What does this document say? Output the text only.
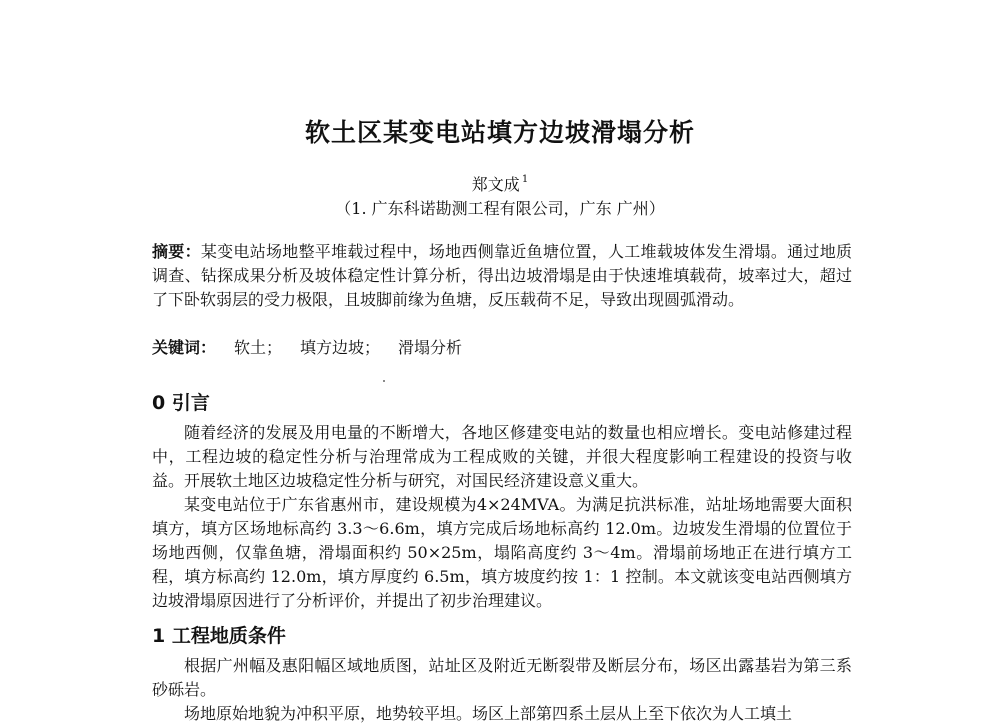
软土区某变电站填方边坡滑塌分析
郑文成 $^1$
（1. 广东科诺勘测工程有限公司，广东 广州）
摘要：某变电站场地整平堆载过程中，场地西侧靠近鱼塘位置，人工堆载坡体发生滑塌。通过地质调查、钻探成果分析及坡体稳定性计算分析，得出边坡滑塌是由于快速堆填载荷，坡率过大，超过了下卧软弱层的受力极限，且坡脚前缘为鱼塘，反压载荷不足，导致出现圆弧滑动。
关键词： 软土； 填方边坡； 滑塌分析
0 引言
随着经济的发展及用电量的不断增大，各地区修建变电站的数量也相应增长。变电站修建过程中，工程边坡的稳定性分析与治理常成为工程成败的关键，并很大程度影响工程建设的投资与收益。开展软土地区边坡稳定性分析与研究，对国民经济建设意义重大。
某变电站位于广东省惠州市，建设规模为4×24MVA。为满足抗洪标准，站址场地需要大面积填方，填方区场地标高约 3.3～6.6m，填方完成后场地标高约 12.0m。边坡发生滑塌的位置位于场地西侧，仅靠鱼塘，滑塌面积约 50×25m，塌陷高度约 3～4m。滑塌前场地正在进行填方工程，填方标高约 12.0m，填方厚度约 6.5m，填方坡度约按 1：1 控制。本文就该变电站西侧填方边坡滑塌原因进行了分析评价，并提出了初步治理建议。
1 工程地质条件
根据广州幅及惠阳幅区域地质图，站址区及附近无断裂带及断层分布，场区出露基岩为第三系砂砾岩。
场地原始地貌为冲积平原，地势较平坦。场区上部第四系土层从上至下依次为人工填土
